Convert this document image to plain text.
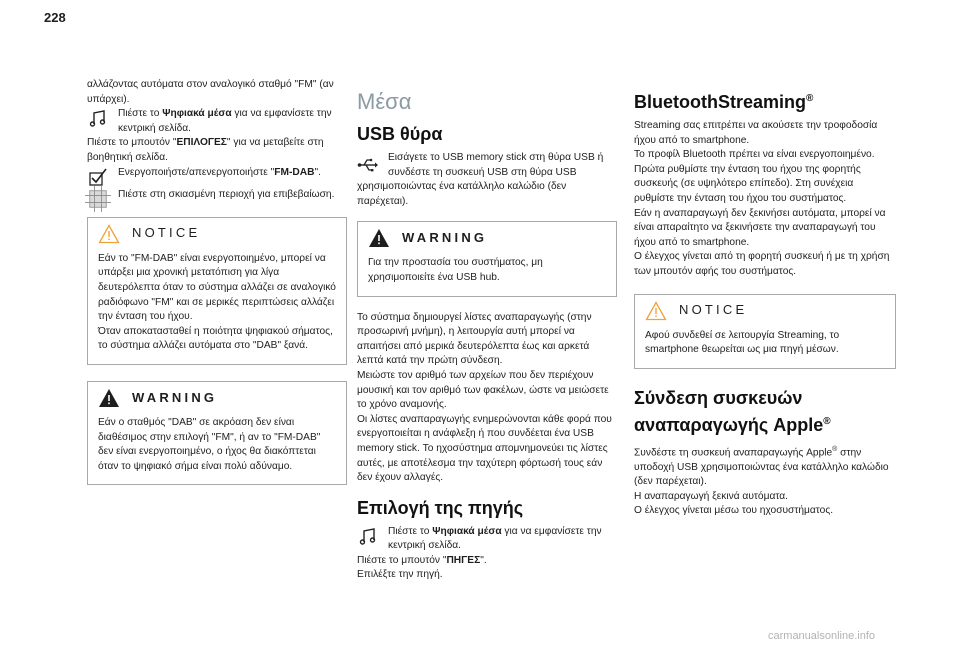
228

αλλάζοντας αυτόματα στον αναλογικό σταθμό "FM" (αν υπάρχει).

Πιέστε το Ψηφιακά μέσα για να εμφανίσετε την κεντρική σελίδα.

Πιέστε το μπουτόν "ΕΠΙΛΟΓΕΣ" για να μεταβείτε στη βοηθητική σελίδα.

Ενεργοποιήστε/απενεργοποιήστε "FM-DAB".

Πιέστε στη σκιασμένη περιοχή για επιβεβαίωση.

NOTICE

Εάν το "FM-DAB" είναι ενεργοποιημένο, μπορεί να υπάρξει μια χρονική μετατόπιση για λίγα δευτερόλεπτα όταν το σύστημα αλλάζει σε αναλογικό ραδιόφωνο "FM" και σε μερικές περιπτώσεις αλλάζει την ένταση του ήχου.

Όταν αποκατασταθεί η ποιότητα ψηφιακού σήματος, το σύστημα αλλάζει αυτόματα στο "DAB" ξανά.

WARNING

Εάν ο σταθμός "DAB" σε ακρόαση δεν είναι διαθέσιμος στην επιλογή "FM", ή αν το "FM-DAB" δεν είναι ενεργοποιημένο, ο ήχος θα διακόπτεται όταν το ψηφιακό σήμα είναι πολύ αδύναμο.

Μέσα
USB θύρα

Εισάγετε το USB memory stick στη θύρα USB ή συνδέστε τη συσκευή USB στη θύρα USB

χρησιμοποιώντας ένα κατάλληλο καλώδιο (δεν παρέχεται).

WARNING

Για την προστασία του συστήματος, μη χρησιμοποιείτε ένα USB hub.

Το σύστημα δημιουργεί λίστες αναπαραγωγής (στην προσωρινή μνήμη), η λειτουργία αυτή μπορεί να απαιτήσει από μερικά δευτερόλεπτα έως και αρκετά λεπτά κατά την πρώτη σύνδεση.

Μειώστε τον αριθμό των αρχείων που δεν περιέχουν μουσική και τον αριθμό των φακέλων, ώστε να μειώσετε το χρόνο αναμονής.

Οι λίστες αναπαραγωγής ενημερώνονται κάθε φορά που ενεργοποιείται η ανάφλεξη ή που συνδέεται ένα USB memory stick. Το ηχοσύστημα απομνημονεύει τις λίστες αυτές, με αποτέλεσμα την ταχύτερη φόρτωσή τους εάν δεν έχουν αλλαγές.

Επιλογή της πηγής

Πιέστε το Ψηφιακά μέσα για να εμφανίσετε την κεντρική σελίδα.

Πιέστε το μπουτόν "ΠΗΓΕΣ".

Επιλέξτε την πηγή.

BluetoothStreaming®

Streaming σας επιτρέπει να ακούσετε την τροφοδοσία ήχου από το smartphone.

Το προφίλ Bluetooth πρέπει να είναι ενεργοποιημένο.

Πρώτα ρυθμίστε την ένταση του ήχου της φορητής συσκευής (σε υψηλότερο επίπεδο). Στη συνέχεια ρυθμίστε την ένταση του ήχου του συστήματος.

Εάν η αναπαραγωγή δεν ξεκινήσει αυτόματα, μπορεί να είναι απαραίτητο να ξεκινήσετε την αναπαραγωγή του ήχου από το smartphone.

Ο έλεγχος γίνεται από τη φορητή συσκευή ή με τη χρήση των μπουτόν αφής του συστήματος.

NOTICE

Αφού συνδεθεί σε λειτουργία Streaming, το smartphone θεωρείται ως μια πηγή μέσων.

Σύνδεση συσκευών
αναπαραγωγής Apple®

Συνδέστε τη συσκευή αναπαραγωγής Apple® στην υποδοχή USB χρησιμοποιώντας ένα κατάλληλο καλώδιο (δεν παρέχεται).

Η αναπαραγωγή ξεκινά αυτόματα.

Ο έλεγχος γίνεται μέσω του ηχοσυστήματος.

carmanualsonline.info
